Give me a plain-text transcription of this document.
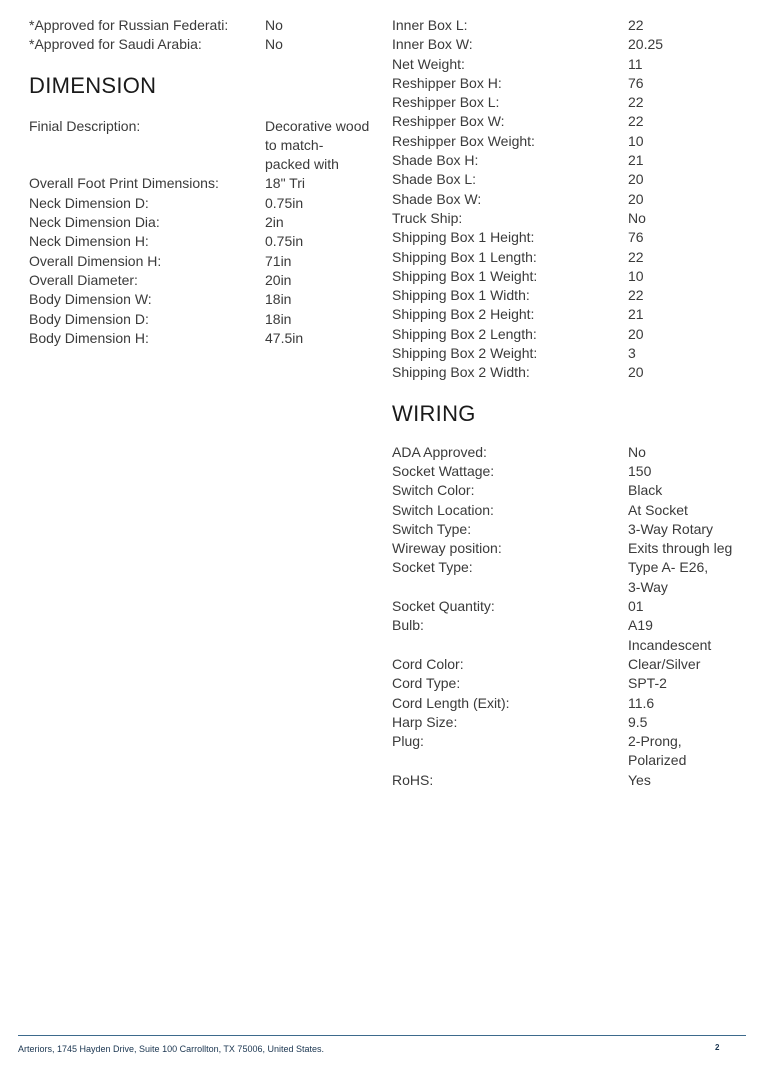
*Approved for Russian Federati:	No
*Approved for Saudi Arabia:	No
DIMENSION
Finial Description:	Decorative wood
to match-
packed with
Overall Foot Print Dimensions:	18" Tri
Neck Dimension D:	0.75in
Neck Dimension Dia:	2in
Neck Dimension H:	0.75in
Overall Dimension H:	71in
Overall Diameter:	20in
Body Dimension W:	18in
Body Dimension D:	18in
Body Dimension H:	47.5in
Inner Box L:	22
Inner Box W:	20.25
Net Weight:	11
Reshipper Box H:	76
Reshipper Box L:	22
Reshipper Box W:	22
Reshipper Box Weight:	10
Shade Box H:	21
Shade Box L:	20
Shade Box W:	20
Truck Ship:	No
Shipping Box 1 Height:	76
Shipping Box 1 Length:	22
Shipping Box 1 Weight:	10
Shipping Box 1 Width:	22
Shipping Box 2 Height:	21
Shipping Box 2 Length:	20
Shipping Box 2 Weight:	3
Shipping Box 2 Width:	20
WIRING
ADA Approved:	No
Socket Wattage:	150
Switch Color:	Black
Switch Location:	At Socket
Switch Type:	3-Way Rotary
Wireway position:	Exits through leg
Socket Type:	Type A- E26,
3-Way
Socket Quantity:	01
Bulb:	A19
Incandescent
Cord Color:	Clear/Silver
Cord Type:	SPT-2
Cord Length (Exit):	11.6
Harp Size:	9.5
Plug:	2-Prong,
Polarized
RoHS:	Yes
Arteriors, 1745 Hayden Drive, Suite 100 Carrollton, TX 75006, United States.	2
